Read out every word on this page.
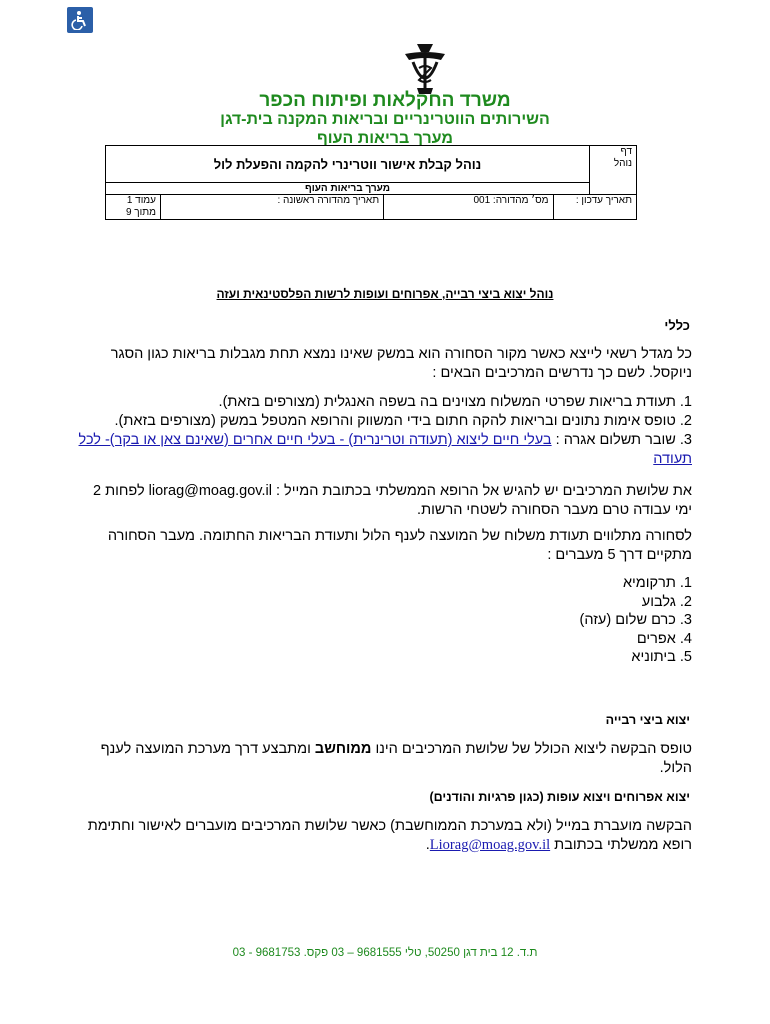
משרד החקלאות ופיתוח הכפר
השירותים הווטרינריים ובריאות המקנה בית-דגן
מערך בריאות העוף
דף
נוהל	נוהל קבלת אישור ווטרינרי להקמה והפעלת לול			
	מערך בריאות העוף			
תאריך עדכון :		מס׳ מהדורה: 001	תאריך מהדורה ראשונה :	עמוד 1
מתוך 9
נוהל יצוא ביצי רבייה, אפרוחים ועופות לרשות הפלסטינאית ועזה
כללי
כל מגדל רשאי לייצא כאשר מקור הסחורה הוא במשק שאינו נמצא תחת מגבלות בריאות כגון הסגר ניוקסל. לשם כך נדרשים המרכיבים הבאים :
1. תעודת בריאות שפרטי המשלוח מצוינים בה בשפה האנגלית (מצורפים בזאת).
2. טופס אימות נתונים ובריאות להקה חתום בידי המשווק והרופא המטפל במשק (מצורפים בזאת).
3. שובר תשלום אגרה : בעלי חיים ליצוא (תעודה וטרינרית) - בעלי חיים אחרים (שאינם צאן או בקר)- לכל תעודה
את שלושת המרכיבים יש להגיש אל הרופא הממשלתי בכתובת המייל : liorag@moag.gov.il לפחות 2 ימי עבודה טרם מעבר הסחורה לשטחי הרשות.
לסחורה מתלווים תעודת משלוח של המועצה לענף הלול ותעודת הבריאות החתומה. מעבר הסחורה מתקיים דרך 5 מעברים :
1. תרקומיא
2. גלבוע
3. כרם שלום (עזה)
4. אפרים
5. ביתוניא
יצוא ביצי רבייה
טופס הבקשה ליצוא הכולל של שלושת המרכיבים הינו ממוחשב ומתבצע דרך מערכת המועצה לענף הלול.
יצוא אפרוחים ויצוא עופות (כגון פרגיות והודנים)
הבקשה מועברת במייל (ולא במערכת הממוחשבת) כאשר שלושת המרכיבים מועברים לאישור וחתימת רופא ממשלתי בכתובת Liorag@moag.gov.il.
ת.ד. 12 בית דגן 50250, טלי 9681555 – 03 פקס. 9681753 - 03
